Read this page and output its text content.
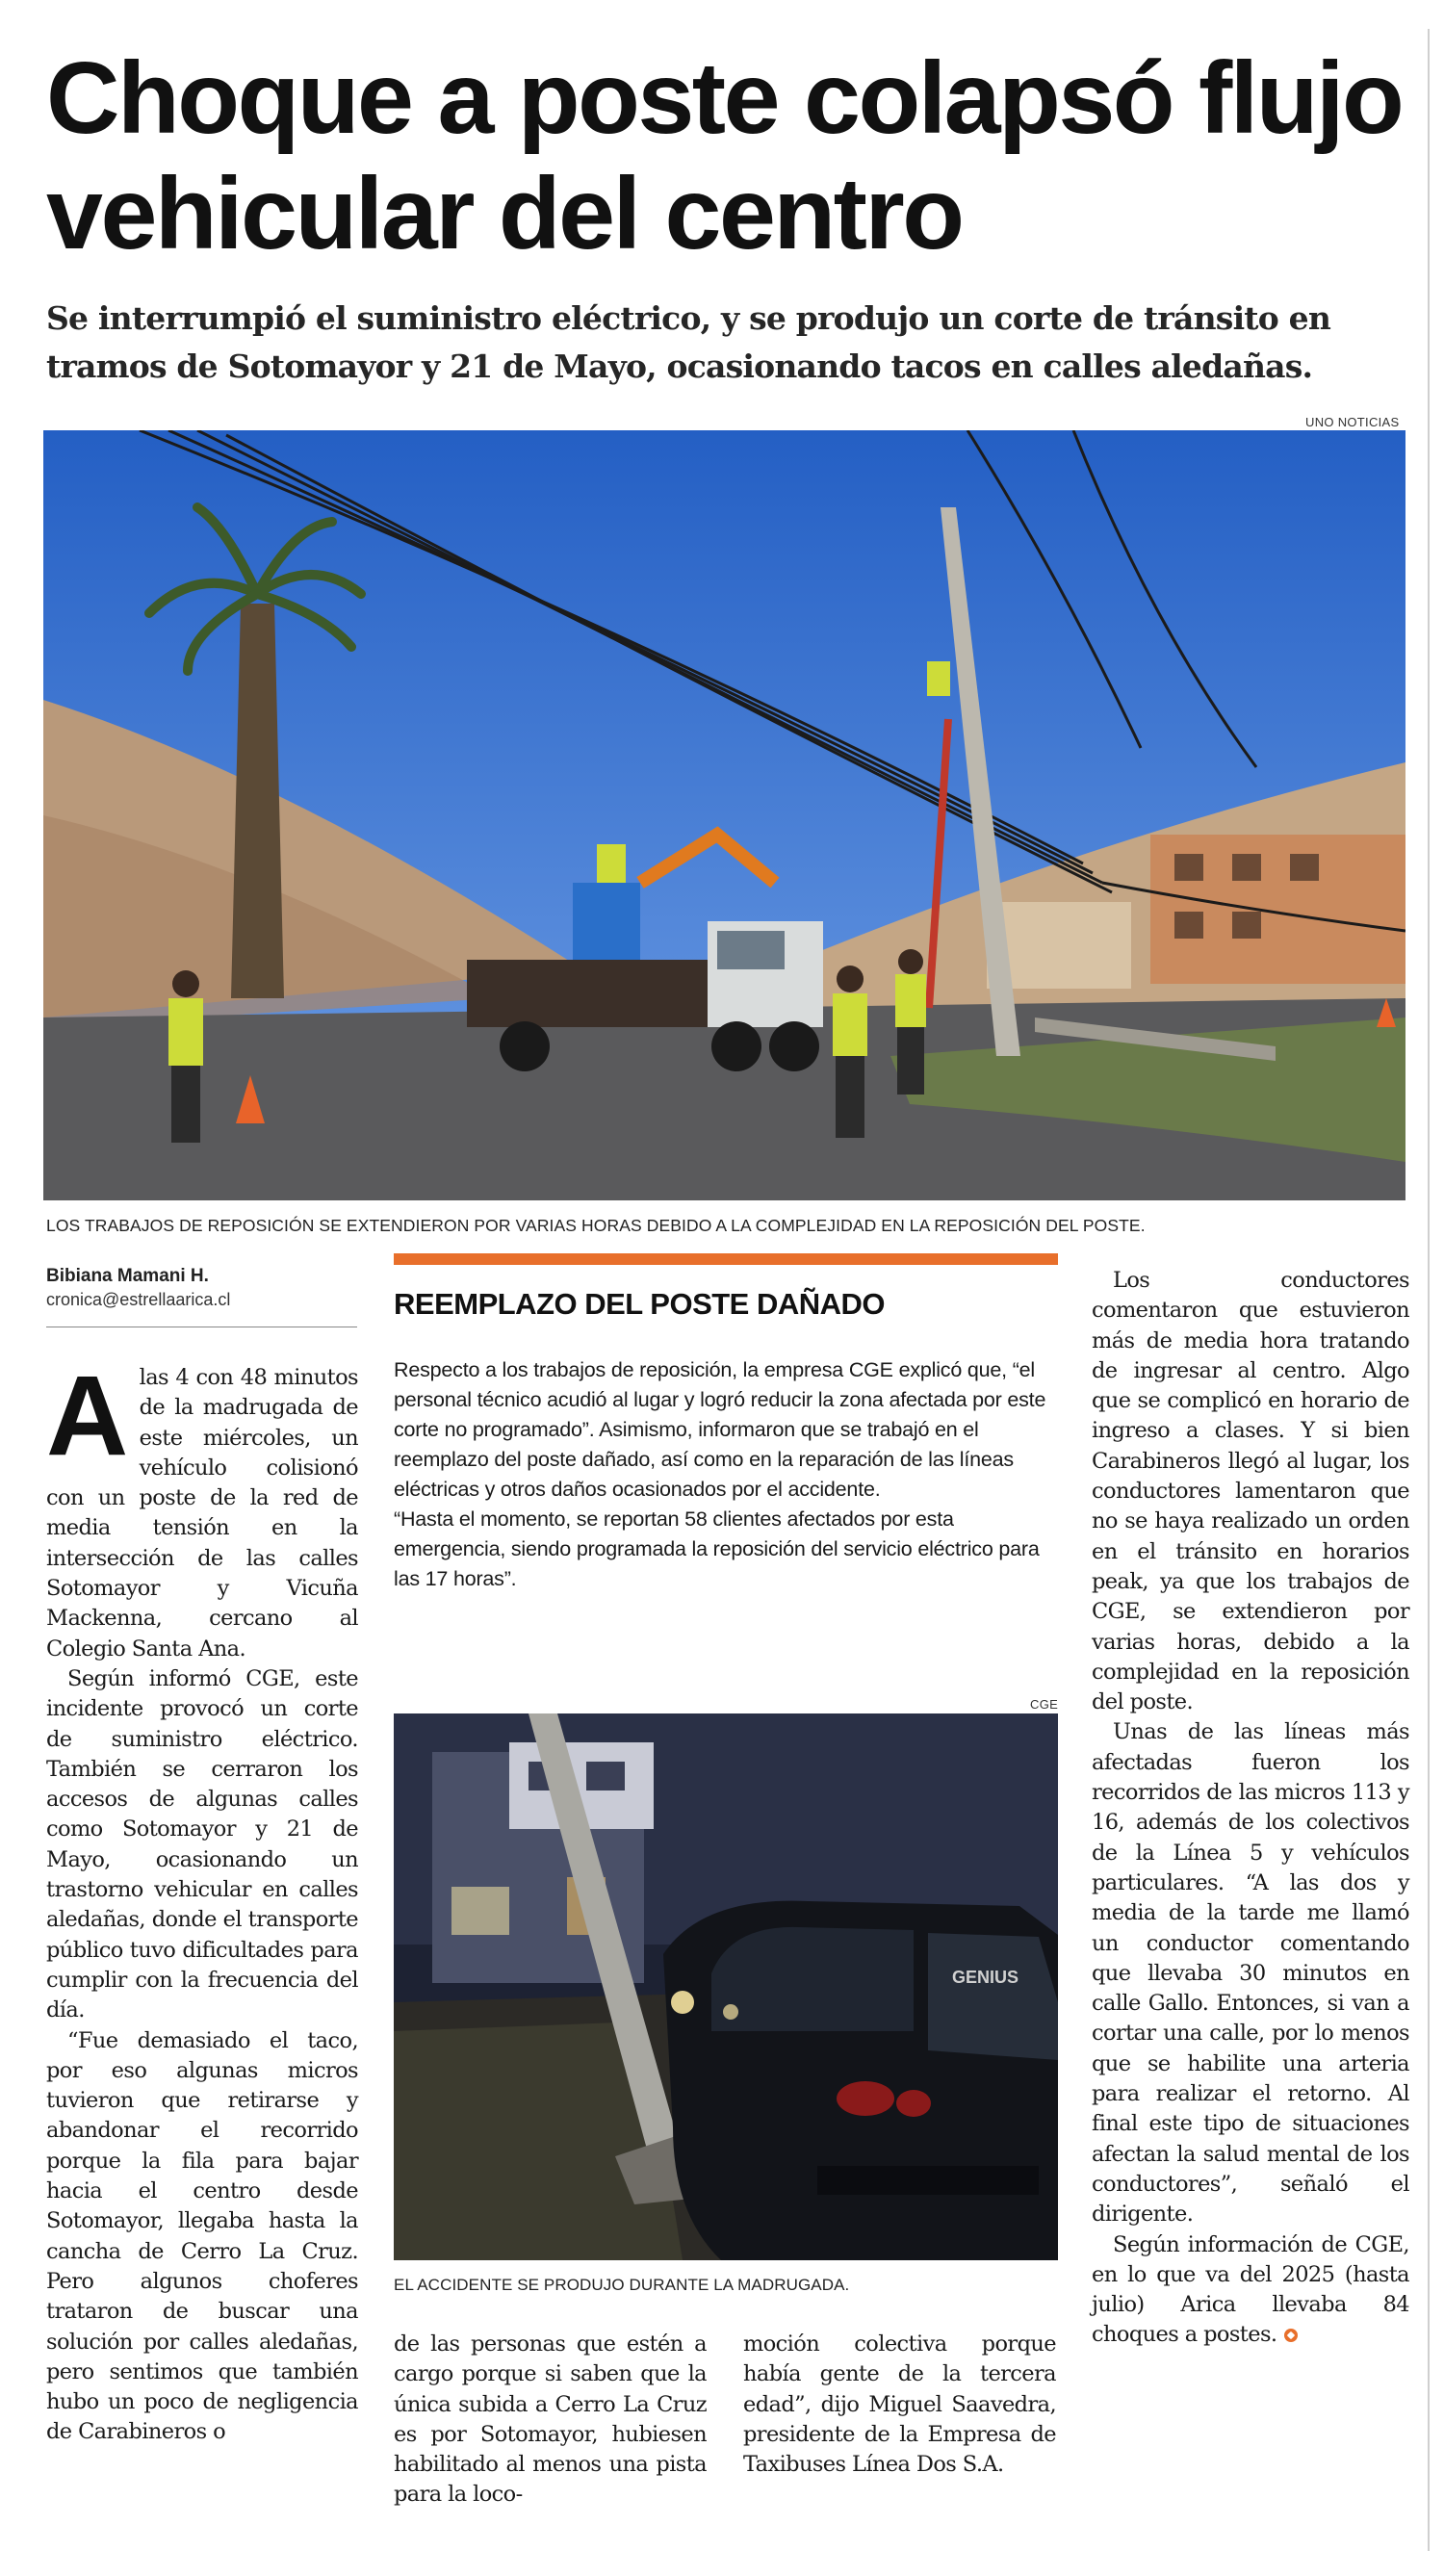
Choque a poste colapsó flujo vehicular del centro
Se interrumpió el suministro eléctrico, y se produjo un corte de tránsito en tramos de Sotomayor y 21 de Mayo, ocasionando tacos en calles aledañas.
UNO NOTICIAS
LOS TRABAJOS DE REPOSICIÓN SE EXTENDIERON POR VARIAS HORAS DEBIDO A LA COMPLEJIDAD EN LA REPOSICIÓN DEL POSTE.
Bibiana Mamani H.
cronica@estrellaarica.cl

Alas 4 con 48 minutos de la madrugada de este miércoles, un vehículo colisionó con un poste de la red de media tensión en la intersección de las calles Sotomayor y Vicuña Mackenna, cercano al Colegio Santa Ana.

Según informó CGE, este incidente provocó un corte de suministro eléctrico. También se cerraron los accesos de algunas calles como Sotomayor y 21 de Mayo, ocasionando un trastorno vehicular en calles aledañas, donde el transporte público tuvo dificultades para cumplir con la frecuencia del día.

“Fue demasiado el taco, por eso algunas micros tuvieron que retirarse y abandonar el recorrido porque la fila para bajar hacia el centro desde Sotomayor, llegaba hasta la cancha de Cerro La Cruz. Pero algunos choferes trataron de buscar una solución por calles aledañas, pero sentimos que también hubo un poco de negligencia de Carabineros o

REEMPLAZO DEL POSTE DAÑADO

Respecto a los trabajos de reposición, la empresa CGE explicó que, “el personal técnico acudió al lugar y logró reducir la zona afectada por este corte no programado”. Asimismo, informaron que se trabajó en el reemplazo del poste dañado, así como en la reparación de las líneas eléctricas y otros daños ocasionados por el accidente.

“Hasta el momento, se reportan 58 clientes afectados por esta emergencia, siendo programada la reposición del servicio eléctrico para las 17 horas”.

CGE
GENIUS
EL ACCIDENTE SE PRODUJO DURANTE LA MADRUGADA.

de las personas que estén a cargo porque si saben que la única subida a Cerro La Cruz es por Sotomayor, hubiesen habilitado al menos una pista para la loco-

moción colectiva porque había gente de la tercera edad”, dijo Miguel Saavedra, presidente de la Empresa de Taxibuses Línea Dos S.A.

Los conductores comentaron que estuvieron más de media hora tratando de ingresar al centro. Algo que se complicó en horario de ingreso a clases. Y si bien Carabineros llegó al lugar, los conductores lamentaron que no se haya realizado un orden en el tránsito en horarios peak, ya que los trabajos de CGE, se extendieron por varias horas, debido a la complejidad en la reposición del poste.

Unas de las líneas más afectadas fueron los recorridos de las micros 113 y 16, además de los colectivos de la Línea 5 y vehículos particulares. “A las dos y media de la tarde me llamó un conductor comentando que llevaba 30 minutos en calle Gallo. Entonces, si van a cortar una calle, por lo menos que se habilite una arteria para realizar el retorno. Al final este tipo de situaciones afectan la salud mental de los conductores”, señaló el dirigente.

Según información de CGE, en lo que va del 2025 (hasta julio) Arica llevaba 84 choques a postes.
